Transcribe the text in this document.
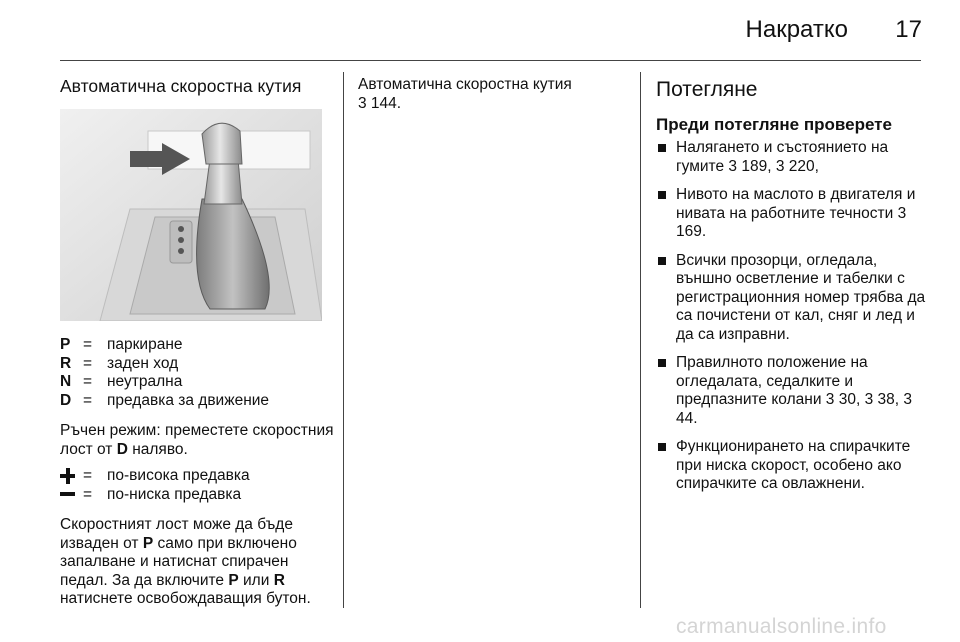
Накратко	17
Автоматична скоростна кутия
P	=	паркиране
R	=	заден ход
N	=	неутрална
D	=	предавка за движение

Ръчен режим: преместете скоростния лост от D наляво.

	=	по-висока предавка

	=	по-ниска предавка

Скоростният лост може да бъде извaден от P само при включено запалване и натиснат спирачен педал. За да включите P или R натиснете освобождаващия бутон.

Автоматична скоростна кутия
3 144.

Потегляне
Преди потегляне проверете
Налягането и състоянието на гумите 3 189, 3 220,
Нивото на маслото в двигателя и нивата на работните течности 3 169.
Всички прозорци, огледала, външно осветление и табелки с регистрационния номер трябва да са почистени от кал, сняг и лед и да са изправни.
Правилното положение на огледалата, седалките и предпазните колани 3 30, 3 38, 3 44.
Функционирането на спирачките при ниска скорост, особено ако спирачките са овлажнени.
carmanualsonline.info
